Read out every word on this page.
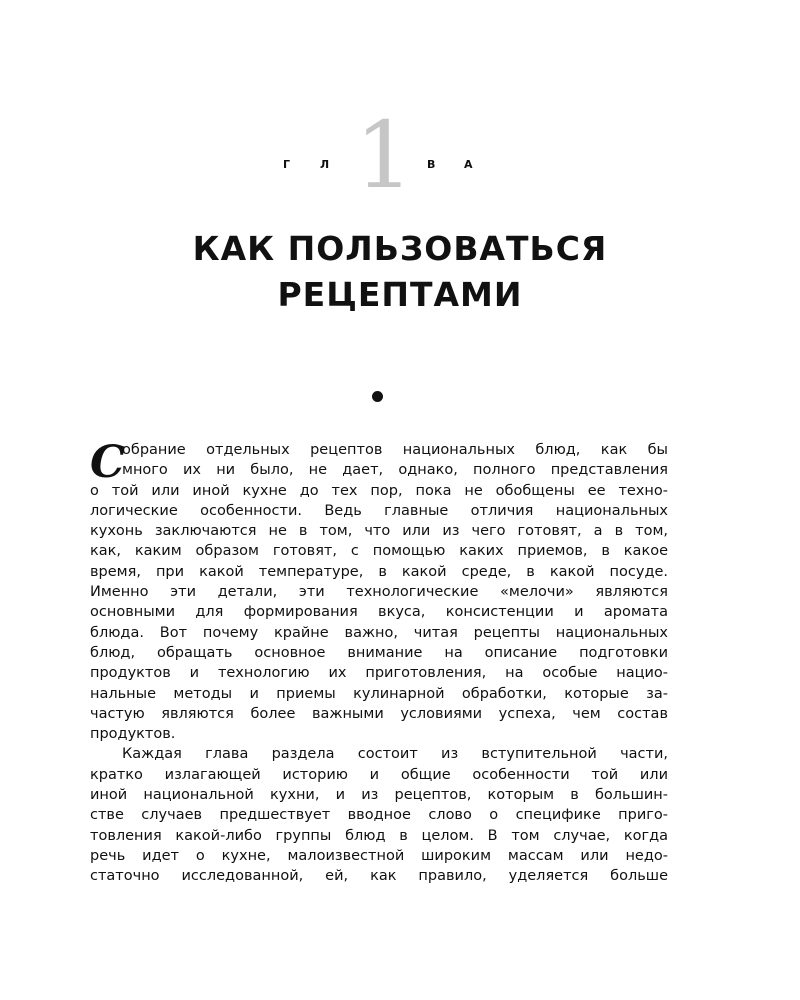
Г	Л 1 В	А
КАК ПОЛЬЗОВАТЬСЯ
РЕЦЕПТАМИ
С
обрание отдельных рецептов национальных блюд, как бы
много их ни было, не дает, однако, полного представления
о той или иной кухне до тех пор, пока не обобщены ее техно-
логические особенности. Ведь главные отличия национальных
кухонь заключаются не в том, что или из чего готовят, а в том,
как, каким образом готовят, с помощью каких приемов, в какое
время, при какой температуре, в какой среде, в какой посуде.
Именно эти детали, эти технологические «мелочи» являются
основными для формирования вкуса, консистенции и аромата
блюда. Вот почему крайне важно, читая рецепты национальных
блюд, обращать основное внимание на описание подготовки
продуктов и технологию их приготовления, на особые нацио-
нальные методы и приемы кулинарной обработки, которые за-
частую являются более важными условиями успеха, чем состав
продуктов.
Каждая глава раздела состоит из вступительной части,
кратко излагающей историю и общие особенности той или
иной национальной кухни, и из рецептов, которым в большин-
стве случаев предшествует вводное слово о специфике приго-
товления какой-либо группы блюд в целом. В том случае, когда
речь идет о кухне, малоизвестной широким массам или недо-
статочно исследованной, ей, как правило, уделяется больше
